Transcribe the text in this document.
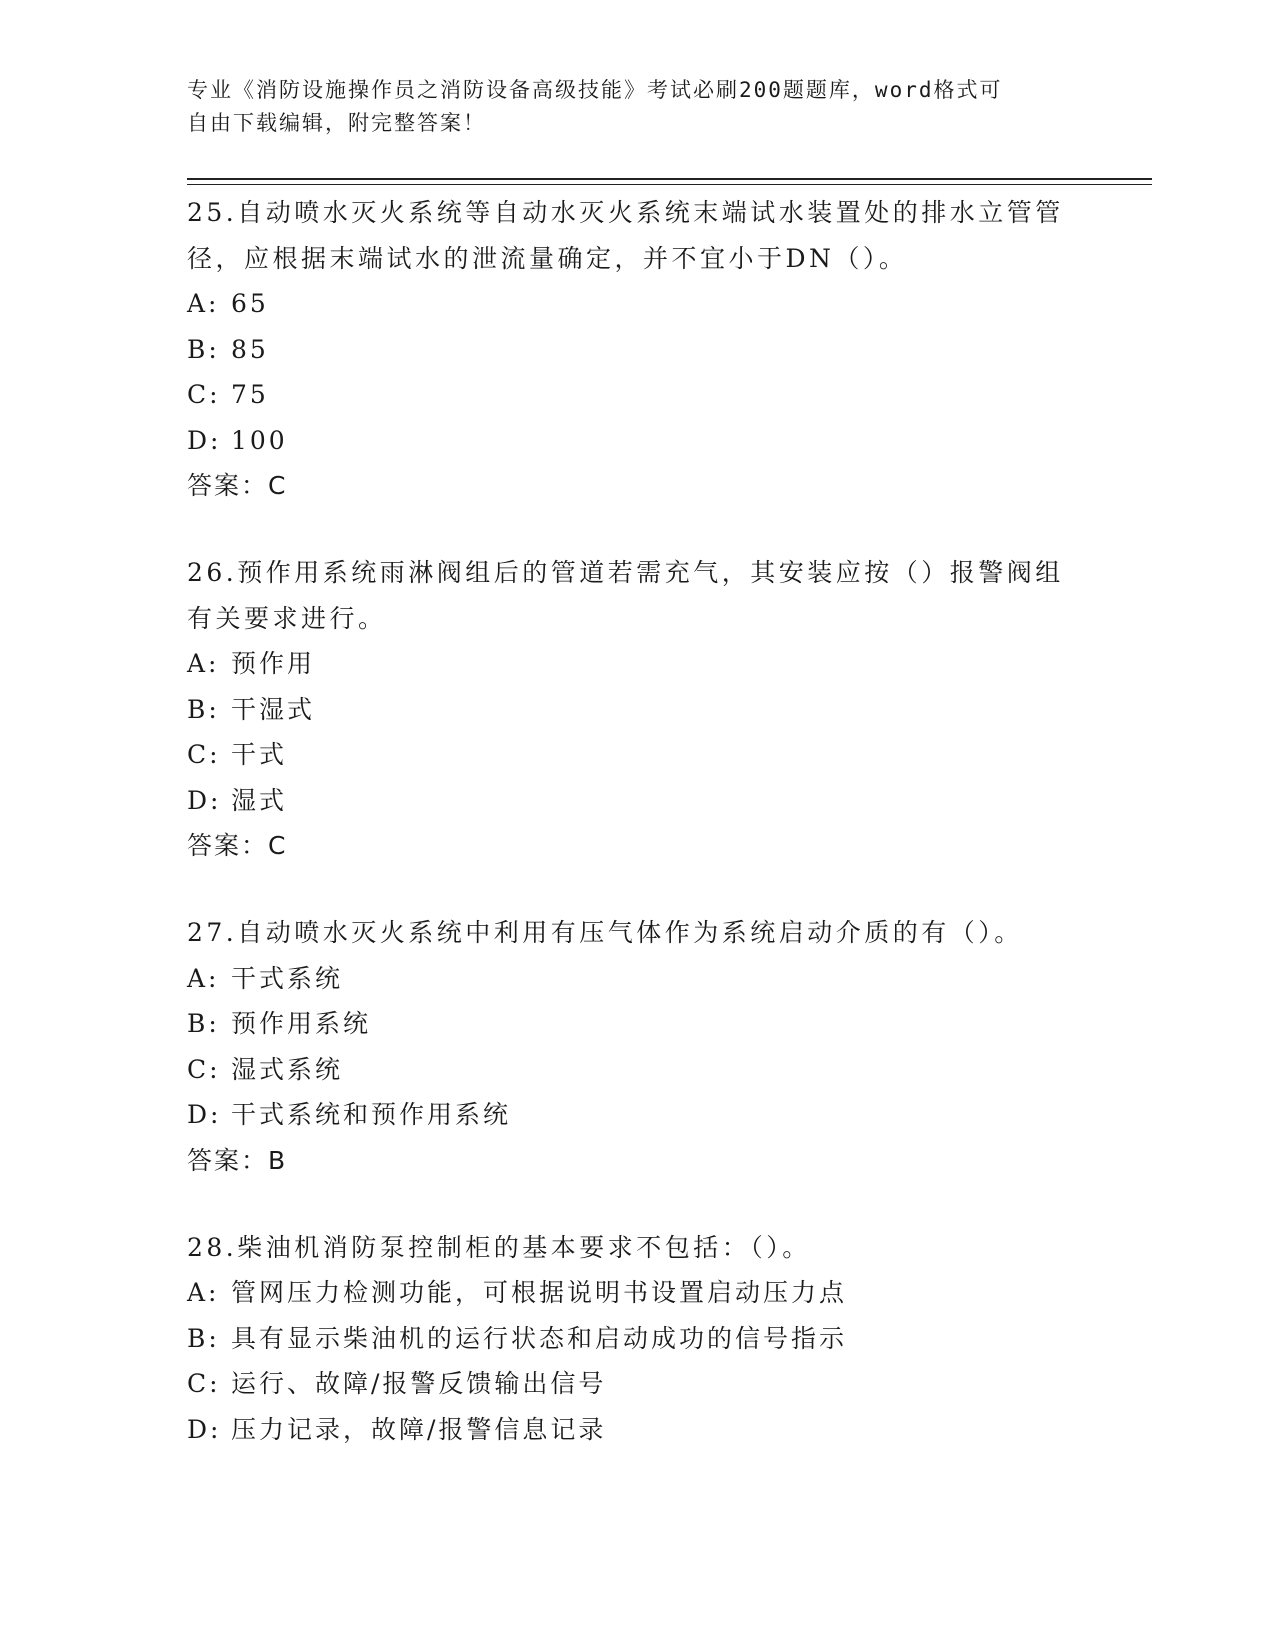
专业《消防设施操作员之消防设备高级技能》考试必刷200题题库，word格式可
自由下载编辑，附完整答案！

25.自动喷水灭火系统等自动水灭火系统末端试水装置处的排水立管管

径，应根据末端试水的泄流量确定，并不宜小于DN（）。

A: 65

B: 85

C: 75

D: 100

答案：C

26.预作用系统雨淋阀组后的管道若需充气，其安装应按（）报警阀组

有关要求进行。

A: 预作用

B: 干湿式

C: 干式

D: 湿式

答案：C

27.自动喷水灭火系统中利用有压气体作为系统启动介质的有（）。

A: 干式系统

B: 预作用系统

C: 湿式系统

D: 干式系统和预作用系统

答案：B

28.柴油机消防泵控制柜的基本要求不包括：（）。

A: 管网压力检测功能，可根据说明书设置启动压力点

B: 具有显示柴油机的运行状态和启动成功的信号指示

C: 运行、故障/报警反馈输出信号

D: 压力记录，故障/报警信息记录
